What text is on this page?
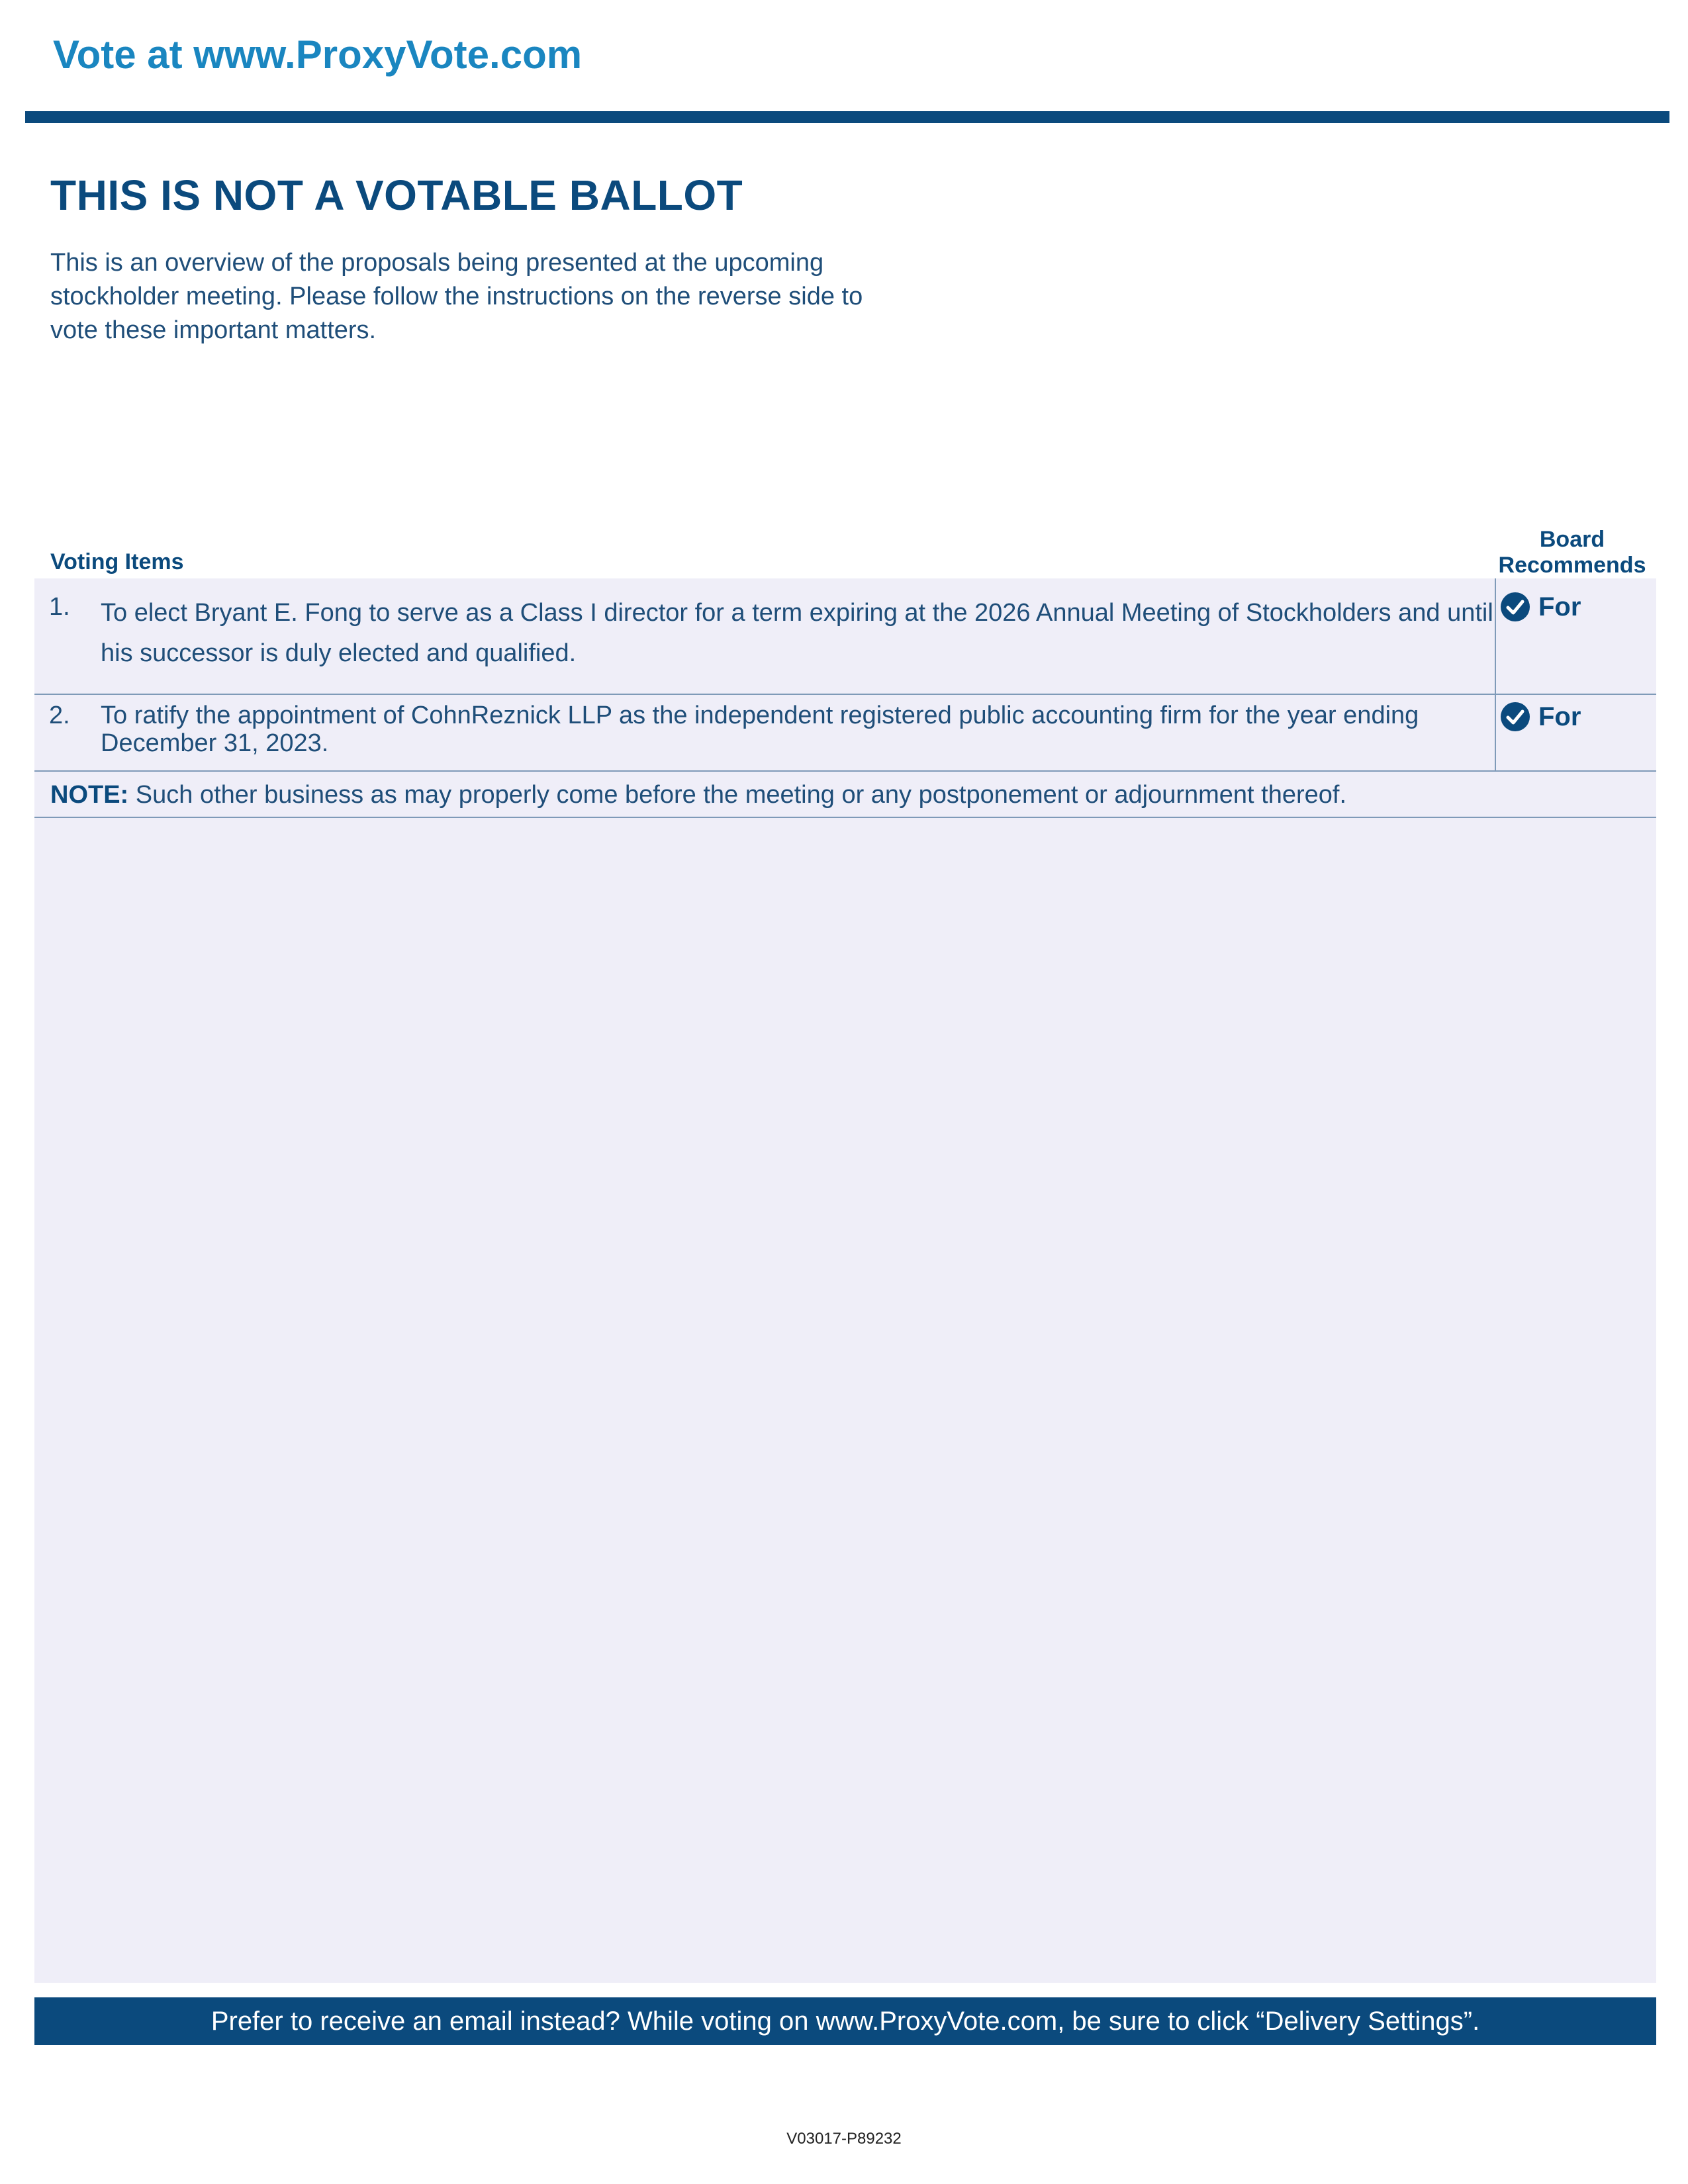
Vote at www.ProxyVote.com
THIS IS NOT A VOTABLE BALLOT
This is an overview of the proposals being presented at the upcoming stockholder meeting. Please follow the instructions on the reverse side to vote these important matters.
Voting Items
Board
Recommends
1. To elect Bryant E. Fong to serve as a Class I director for a term expiring at the 2026 Annual Meeting of Stockholders and until his successor is duly elected and qualified.
For
2. To ratify the appointment of CohnReznick LLP as the independent registered public accounting firm for the year ending December 31, 2023.
For
NOTE: Such other business as may properly come before the meeting or any postponement or adjournment thereof.
Prefer to receive an email instead? While voting on www.ProxyVote.com, be sure to click “Delivery Settings”.
V03017-P89232
